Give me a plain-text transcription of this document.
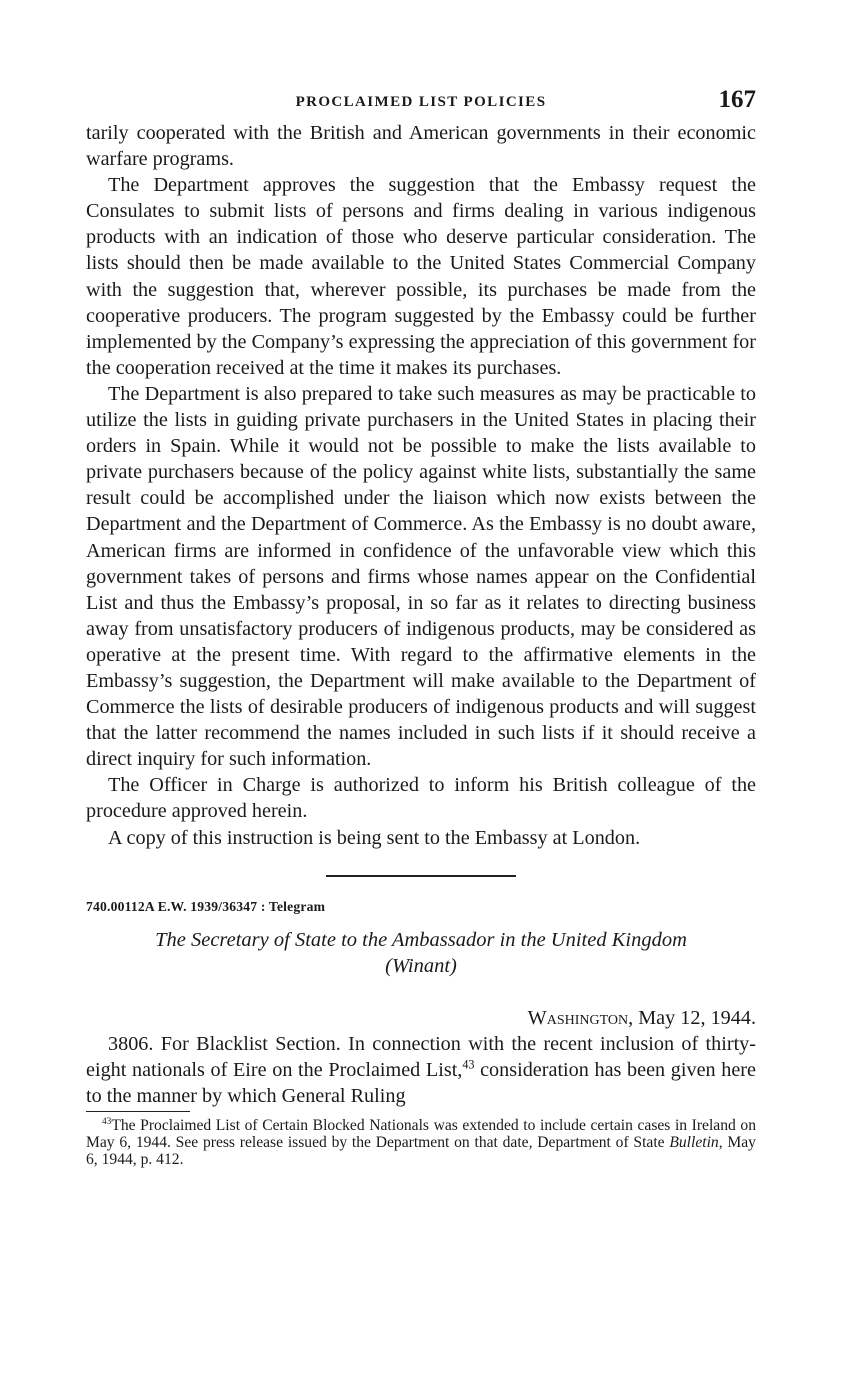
PROCLAIMED LIST POLICIES	167

tarily cooperated with the British and American governments in their economic warfare programs.

The Department approves the suggestion that the Embassy request the Consulates to submit lists of persons and firms dealing in various indigenous products with an indication of those who deserve particular consideration. The lists should then be made available to the United States Commercial Company with the suggestion that, wherever possible, its purchases be made from the cooperative producers. The program suggested by the Embassy could be further implemented by the Company’s expressing the appreciation of this government for the cooperation received at the time it makes its purchases.

The Department is also prepared to take such measures as may be practicable to utilize the lists in guiding private purchasers in the United States in placing their orders in Spain. While it would not be possible to make the lists available to private purchasers because of the policy against white lists, substantially the same result could be accomplished under the liaison which now exists between the Department and the Department of Commerce. As the Embassy is no doubt aware, American firms are informed in confidence of the unfavorable view which this government takes of persons and firms whose names appear on the Confidential List and thus the Embassy’s proposal, in so far as it relates to directing business away from unsatisfactory producers of indigenous products, may be considered as operative at the present time. With regard to the affirmative elements in the Embassy’s suggestion, the Department will make available to the Department of Commerce the lists of desirable producers of indigenous products and will suggest that the latter recommend the names included in such lists if it should receive a direct inquiry for such information.

The Officer in Charge is authorized to inform his British colleague of the procedure approved herein.

A copy of this instruction is being sent to the Embassy at London.

740.00112A E.W. 1939/36347 : Telegram

The Secretary of State to the Ambassador in the United Kingdom
(Winant)

Washington, May 12, 1944.

3806. For Blacklist Section. In connection with the recent inclusion of thirty-eight nationals of Eire on the Proclaimed List,$^{43}$ consideration has been given here to the manner by which General Ruling

$^{43}$The Proclaimed List of Certain Blocked Nationals was extended to include certain cases in Ireland on May 6, 1944. See press release issued by the Department on that date, Department of State Bulletin, May 6, 1944, p. 412.
